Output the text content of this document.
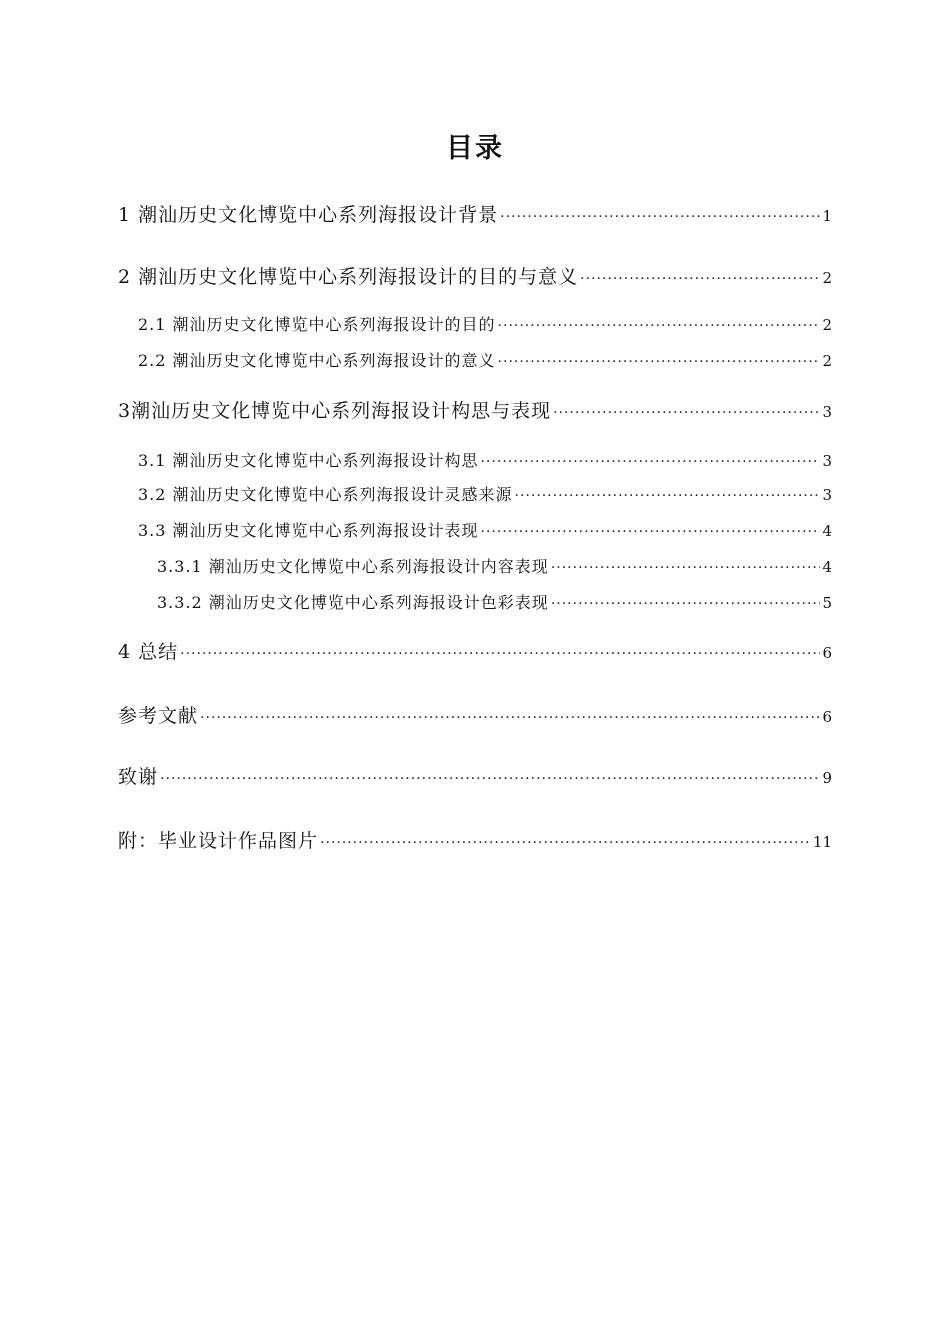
目录
1 潮汕历史文化博览中心系列海报设计背景 ·····	1
2 潮汕历史文化博览中心系列海报设计的目的与意义 ·····	2
2.1 潮汕历史文化博览中心系列海报设计的目的 ·····	2
2.2 潮汕历史文化博览中心系列海报设计的意义 ·····	2
3潮汕历史文化博览中心系列海报设计构思与表现 ·····	3
3.1 潮汕历史文化博览中心系列海报设计构思 ·····	3
3.2 潮汕历史文化博览中心系列海报设计灵感来源 ·····	3
3.3 潮汕历史文化博览中心系列海报设计表现 ·····	4
3.3.1 潮汕历史文化博览中心系列海报设计内容表现 ·····	4
3.3.2 潮汕历史文化博览中心系列海报设计色彩表现 ·····	5
4 总结 ·····	6
参考文献 ·····	6
致谢 ·····	9
附：毕业设计作品图片 ·····	11
